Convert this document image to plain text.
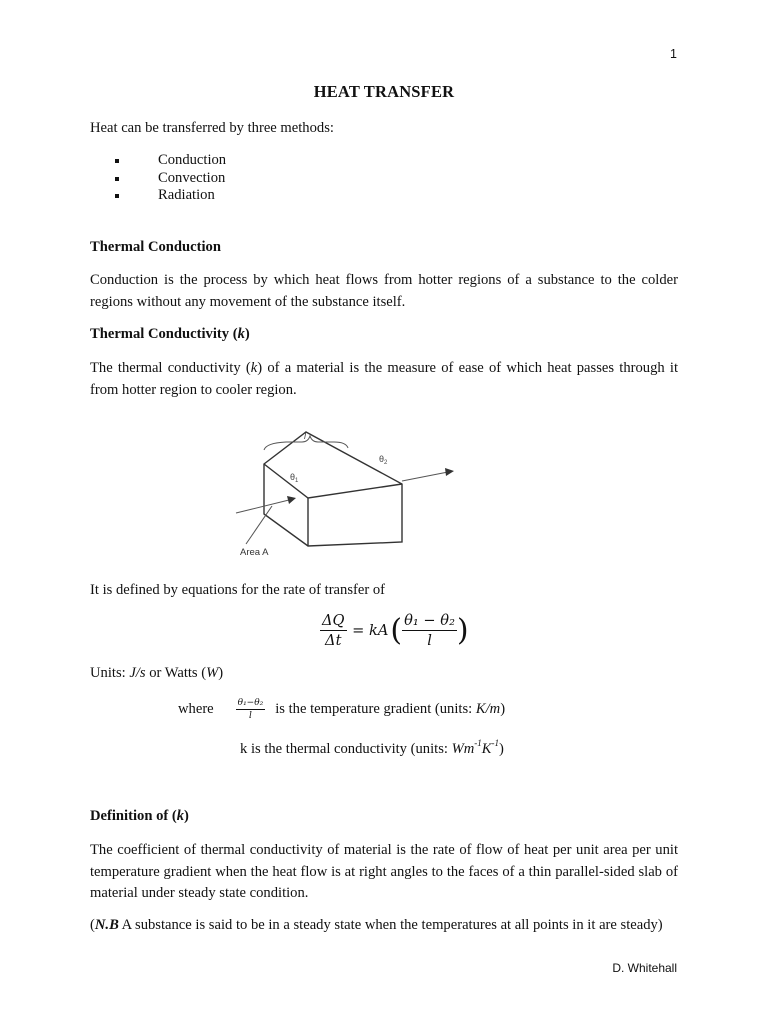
1
HEAT TRANSFER
Heat can be transferred by three methods:
Conduction
Convection
Radiation
Thermal Conduction
Conduction is the process by which heat flows from hotter regions of a substance to the colder regions without any movement of the substance itself.
Thermal Conductivity (k)
The thermal conductivity (k) of a material is the measure of ease of which heat passes through it from hotter region to cooler region.
l
$\theta_1$
$\theta_2$
Area A
It is defined by equations for the rate of transfer of
$\frac{\Delta Q}{\Delta t} = kA( \frac{\text{θ₁ − θ₂}}{l}$ )
Units: J/s or Watts (W)
where $\frac{\text{θ₁−θ₂}}{l}$ is the temperature gradient (units: K/m)
k is the thermal conductivity (units: $Wm^{-1}K^{-1}$)
Definition of (k)
The coefficient of thermal conductivity of material is the rate of flow of heat per unit area per unit temperature gradient when the heat flow is at right angles to the faces of a thin parallel-sided slab of material under steady state condition.
(N.B A substance is said to be in a steady state when the temperatures at all points in it are steady)
D. Whitehall
